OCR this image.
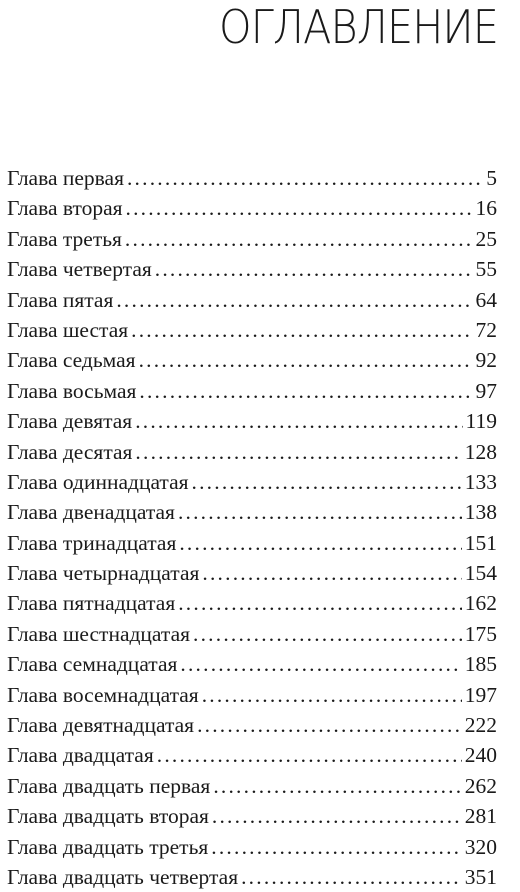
ОГЛАВЛЕНИЕ
Глава первая .....	5
Глава вторая .....	16
Глава третья .....	25
Глава четвертая .....	55
Глава пятая .....	64
Глава шестая .....	72
Глава седьмая .....	92
Глава восьмая .....	97
Глава девятая .....	119
Глава десятая .....	128
Глава одиннадцатая .....	133
Глава двенадцатая .....	138
Глава тринадцатая .....	151
Глава четырнадцатая .....	154
Глава пятнадцатая .....	162
Глава шестнадцатая .....	175
Глава семнадцатая .....	185
Глава восемнадцатая .....	197
Глава девятнадцатая .....	222
Глава двадцатая .....	240
Глава двадцать первая .....	262
Глава двадцать вторая .....	281
Глава двадцать третья .....	320
Глава двадцать четвертая .....	351
